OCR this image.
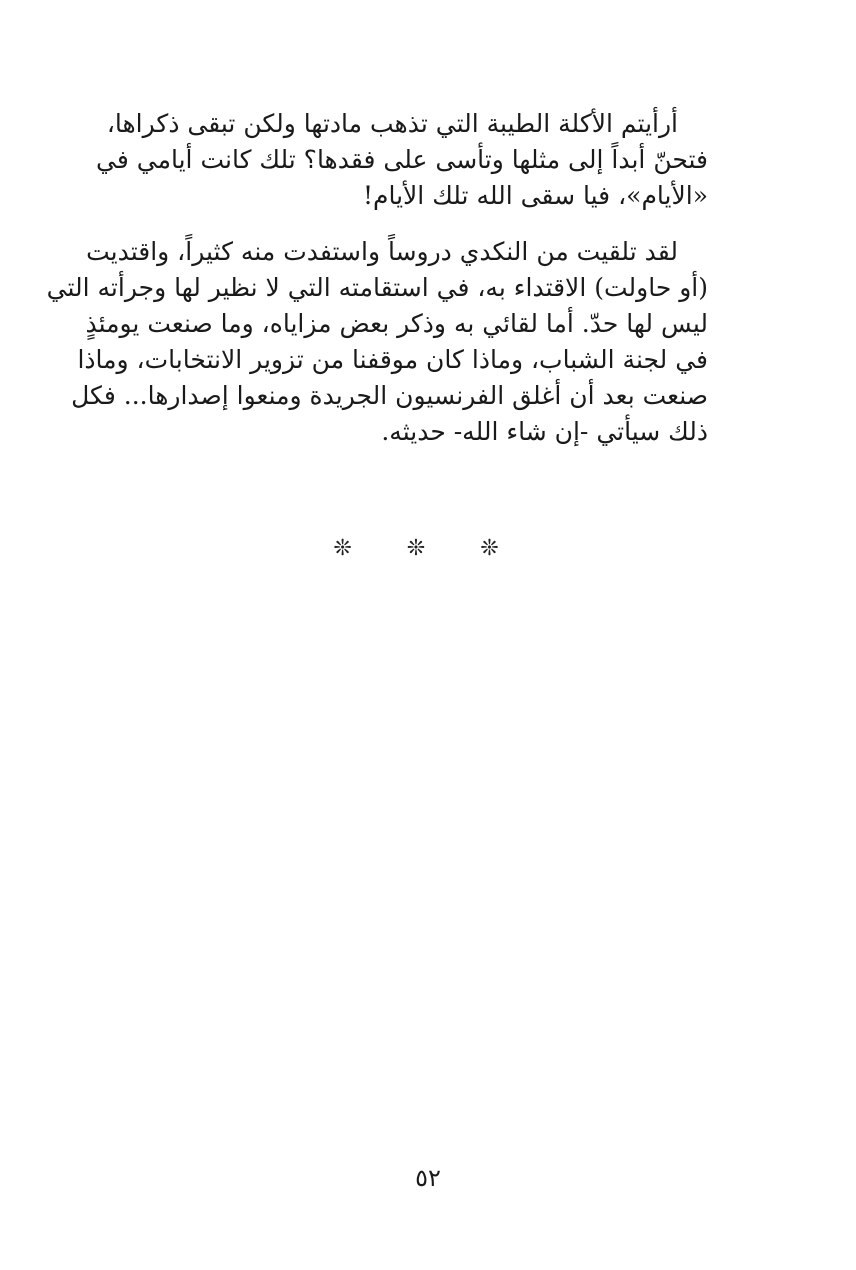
أرأيتم الأكلة الطيبة التي تذهب مادتها ولكن تبقى ذكراها،
فتحنّ أبداً إلى مثلها وتأسى على فقدها؟ تلك كانت أيامي في
«الأيام»، فيا سقى الله تلك الأيام!

لقد تلقيت من النكدي دروساً واستفدت منه كثيراً، واقتديت
(أو حاولت) الاقتداء به، في استقامته التي لا نظير لها وجرأته التي
ليس لها حدّ. أما لقائي به وذكر بعض مزاياه، وما صنعت يومئذٍ
في لجنة الشباب، وماذا كان موقفنا من تزوير الانتخابات، وماذا
صنعت بعد أن أغلق الفرنسيون الجريدة ومنعوا إصدارها... فكل
ذلك سيأتي -إن شاء الله- حديثه.

❊ ❊ ❊
٥٢
